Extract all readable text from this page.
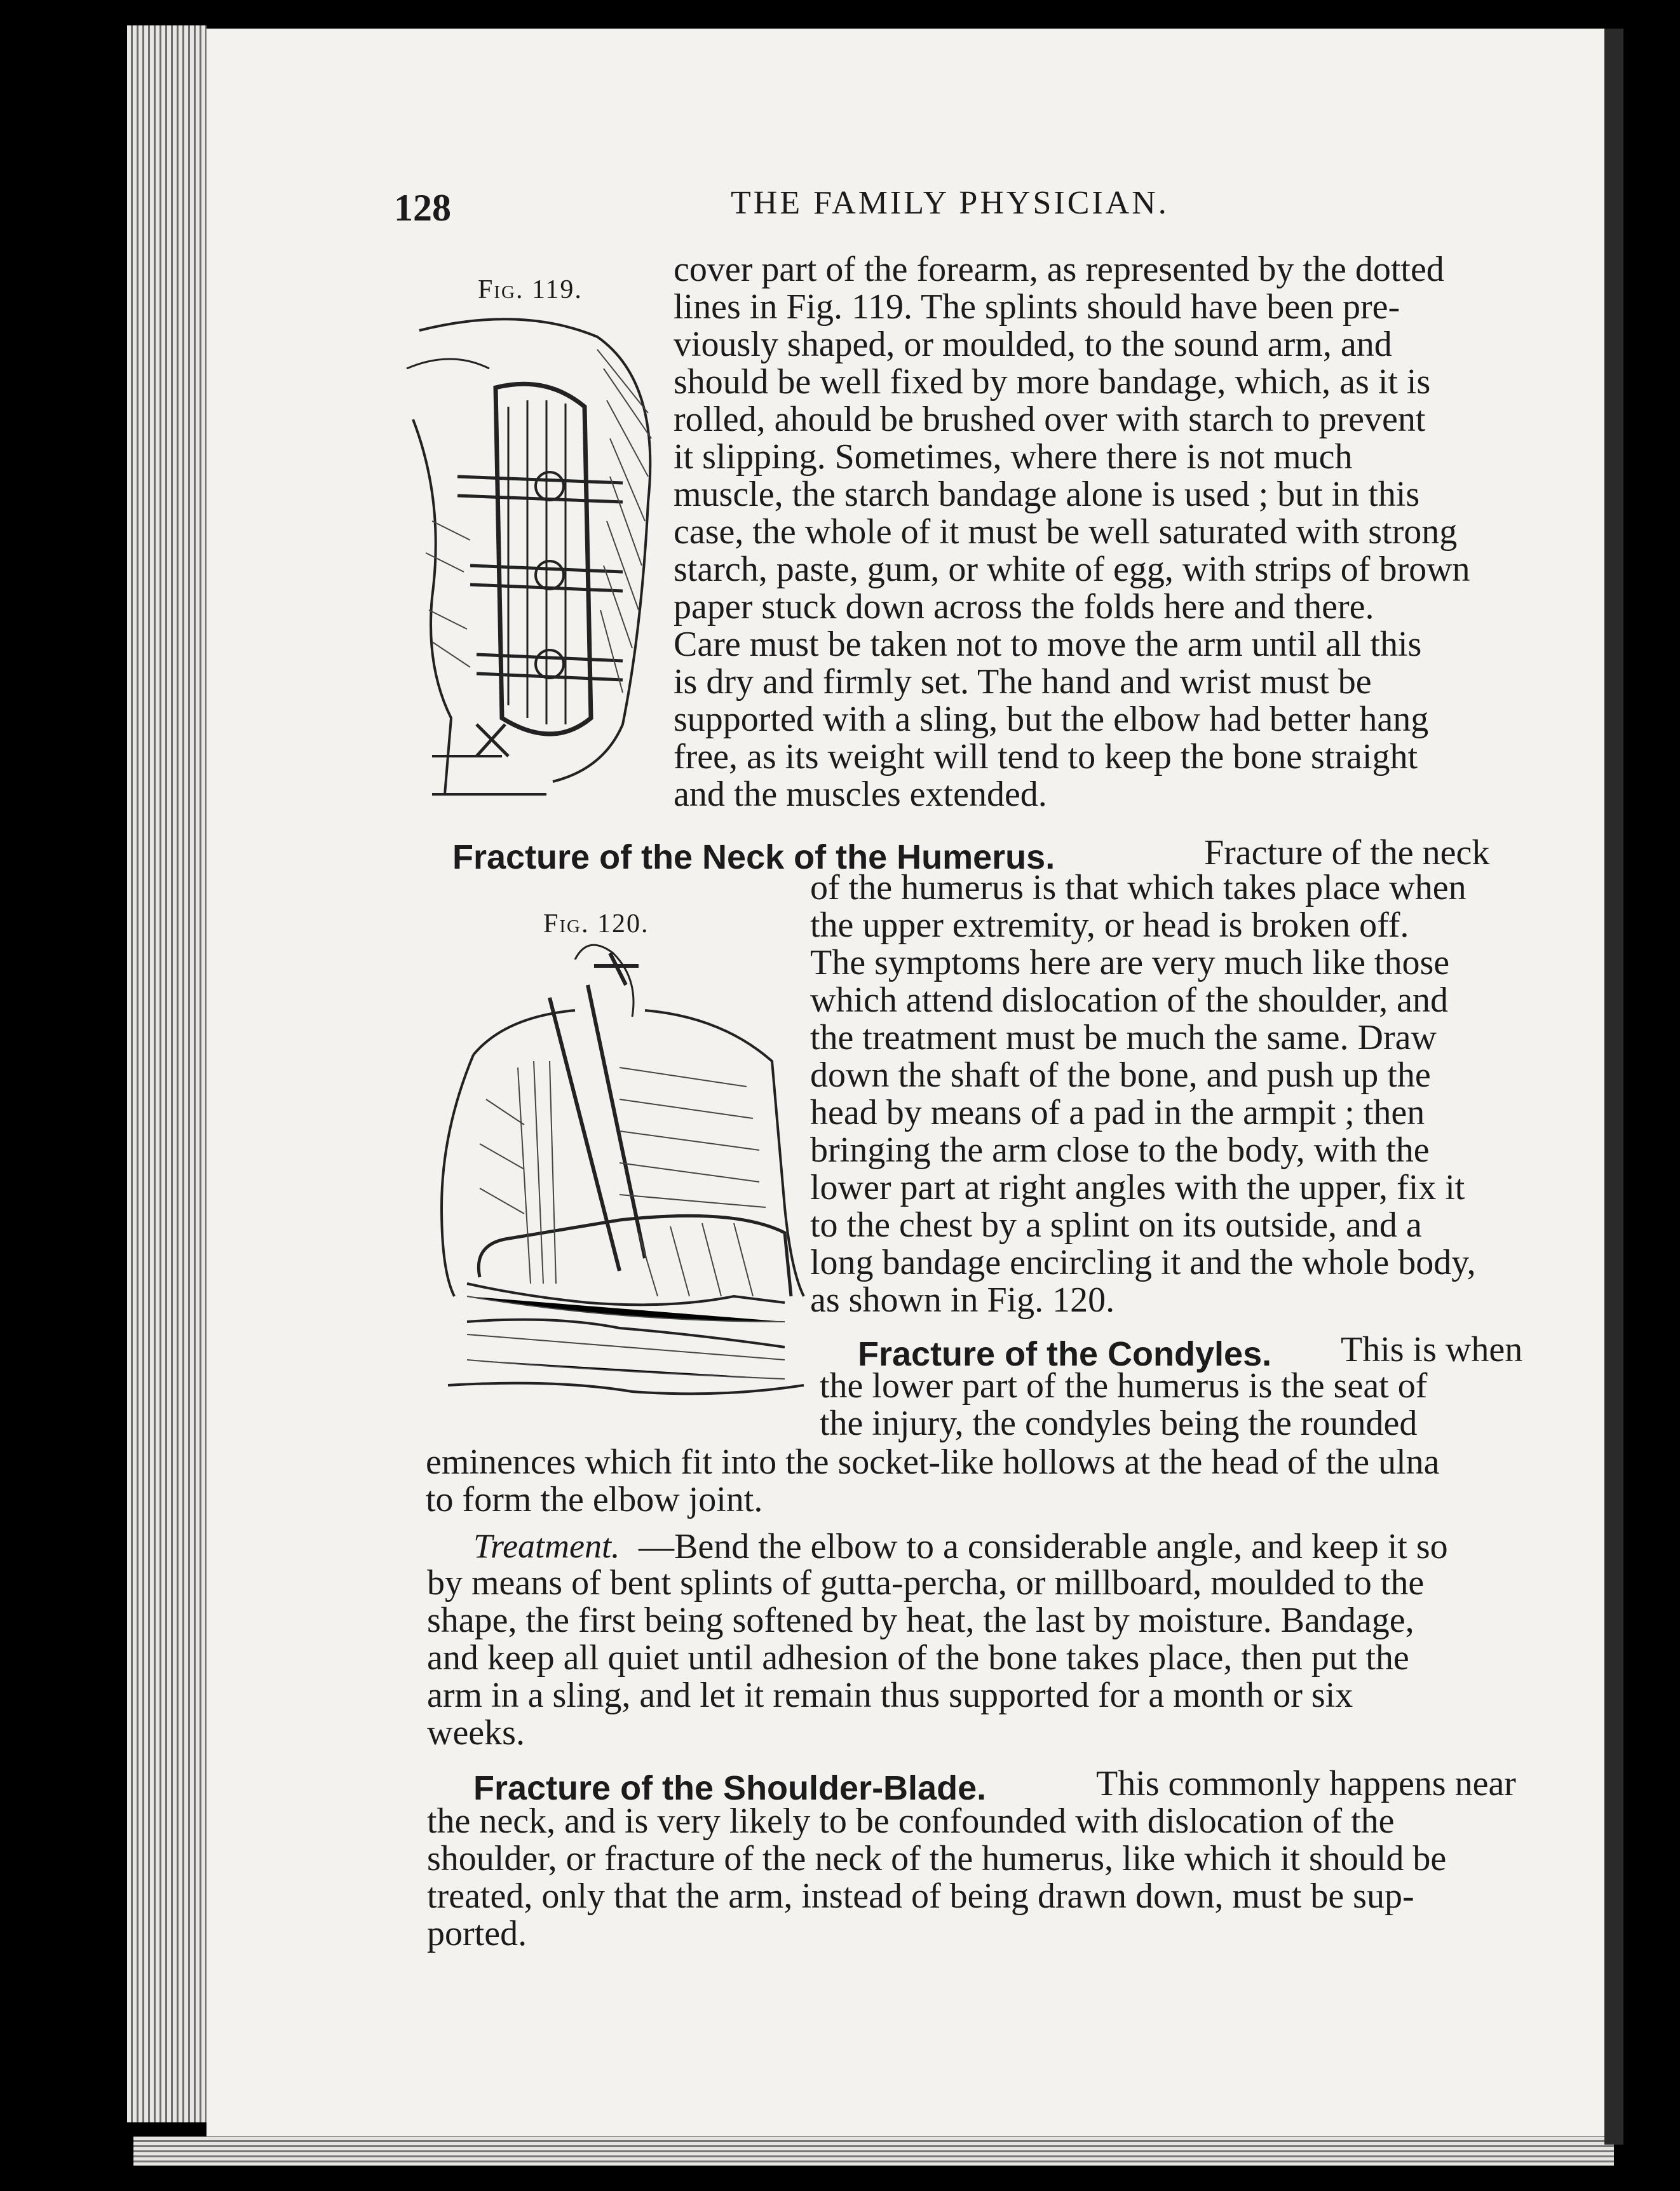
128	THE FAMILY PHYSICIAN.
Fig. 119.
cover part of the forearm, as represented by the dotted
lines in Fig. 119. The splints should have been pre-
viously shaped, or moulded, to the sound arm, and
should be well fixed by more bandage, which, as it is
rolled, ahould be brushed over with starch to prevent
it slipping. Sometimes, where there is not much
muscle, the starch bandage alone is used ; but in this
case, the whole of it must be well saturated with strong
starch, paste, gum, or white of egg, with strips of brown
paper stuck down across the folds here and there.
Care must be taken not to move the arm until all this
is dry and firmly set. The hand and wrist must be
supported with a sling, but the elbow had better hang
free, as its weight will tend to keep the bone straight
and the muscles extended.
Fracture of the Neck of the Humerus.	Fracture of the neck
Fig. 120.
of the humerus is that which takes place when
the upper extremity, or head is broken off.
The symptoms here are very much like those
which attend dislocation of the shoulder, and
the treatment must be much the same. Draw
down the shaft of the bone, and push up the
head by means of a pad in the armpit ; then
bringing the arm close to the body, with the
lower part at right angles with the upper, fix it
to the chest by a splint on its outside, and a
long bandage encircling it and the whole body,
as shown in Fig. 120.
Fracture of the Condyles. This is when
the lower part of the humerus is the seat of
the injury, the condyles being the rounded
eminences which fit into the socket-like hollows at the head of the ulna
to form the elbow joint.
Treatment. —Bend the elbow to a considerable angle, and keep it so
by means of bent splints of gutta-percha, or millboard, moulded to the
shape, the first being softened by heat, the last by moisture. Bandage,
and keep all quiet until adhesion of the bone takes place, then put the
arm in a sling, and let it remain thus supported for a month or six
weeks.
Fracture of the Shoulder-Blade.	This commonly happens near
the neck, and is very likely to be confounded with dislocation of the
shoulder, or fracture of the neck of the humerus, like which it should be
treated, only that the arm, instead of being drawn down, must be sup-
ported.
